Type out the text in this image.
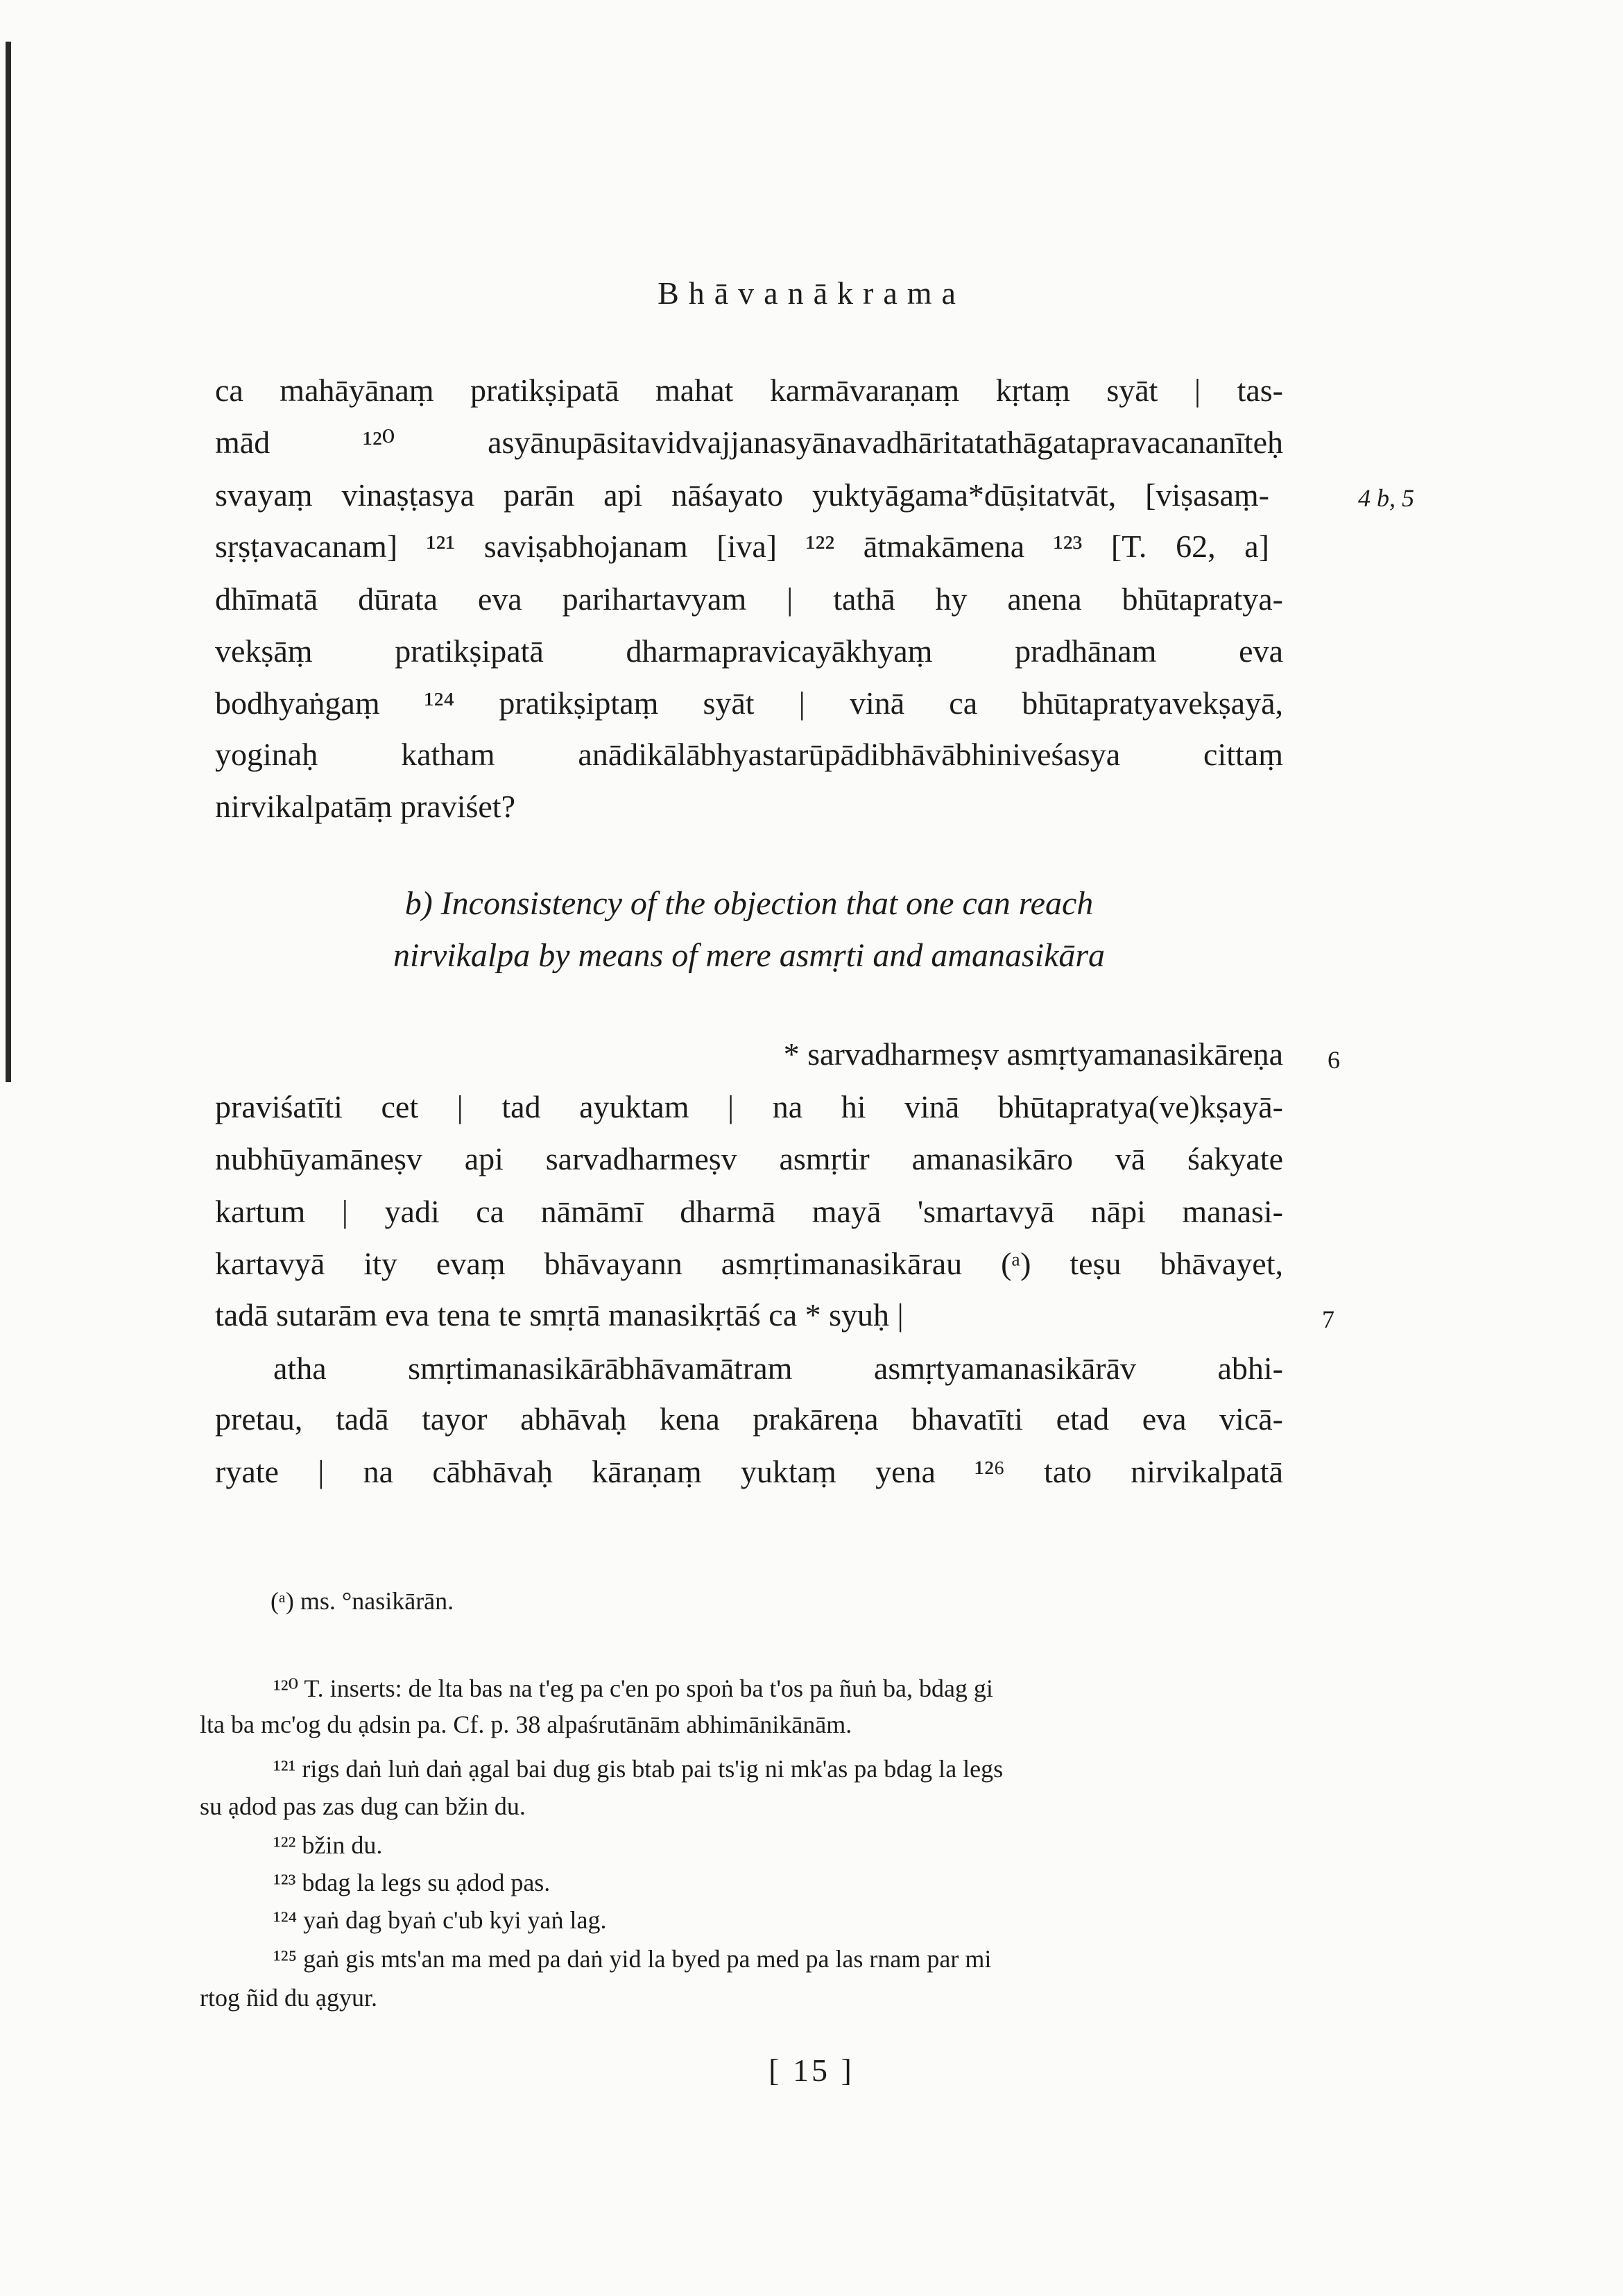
Bhāvanākrama
ca mahāyānaṃ pratikṣipatā mahat karmāvaraṇaṃ kṛtaṃ syāt | tas-
mād ¹²⁰ asyānupāsitavidvajjanasyānavadhāritatathāgatapravacananīteḥ
svayaṃ vinaṣṭasya parān api nāśayato yuktyāgama*dūṣitatvāt, [viṣasaṃ-
sṛṣṭavacanam] ¹²¹ saviṣabhojanam [iva] ¹²² ātmakāmena ¹²³ [T. 62, a]
dhīmatā dūrata eva parihartavyam | tathā hy anena bhūtapratya-
vekṣāṃ pratikṣipatā dharmapravicayākhyaṃ pradhānam eva
bodhyaṅgaṃ ¹²⁴ pratikṣiptaṃ syāt | vinā ca bhūtapratyavekṣayā,
yoginaḥ katham anādikālābhyastarūpādibhāvābhiniveśasya cittaṃ
nirvikalpatāṃ praviśet?
4 b, 5
b) Inconsistency of the objection that one can reach
nirvikalpa by means of mere asmṛti and amanasikāra
* sarvadharmeṣv asmṛtyamanasikāreṇa 6
praviśatīti cet | tad ayuktam | na hi vinā bhūtapratya(ve)kṣayā-
nubhūyamāneṣv api sarvadharmeṣv asmṛtir amanasikāro vā śakyate
kartum | yadi ca nāmāmī dharmā mayā 'smartavyā nāpi manasi-
kartavyā ity evaṃ bhāvayann asmṛtimanasikārau (ᵃ) teṣu bhāvayet,
tadā sutarām eva tena te smṛtā manasikṛtāś ca * syuḥ |	7
atha smṛtimanasikārābhāvamātram asmṛtyamanasikārāv abhi-
pretau, tadā tayor abhāvaḥ kena prakāreṇa bhavatīti etad eva vicā-
ryate | na cābhāvaḥ kāraṇaṃ yuktaṃ yena ¹²⁶ tato nirvikalpatā
(ᵃ) ms. °nasikārān.
¹²⁰ T. inserts: de lta bas na t'eg pa c'en po spoṅ ba t'os pa ñuṅ ba, bdag gi
lta ba mc'og du ạdsin pa. Cf. p. 38 alpaśrutānām abhimānikānām.
¹²¹ rigs daṅ luṅ daṅ ạgal bai dug gis btab pai ts'ig ni mk'as pa bdag la legs
su ạdod pas zas dug can bžin du.
¹²² bžin du.
¹²³ bdag la legs su ạdod pas.
¹²⁴ yaṅ dag byaṅ c'ub kyi yaṅ lag.
¹²⁵ gaṅ gis mts'an ma med pa daṅ yid la byed pa med pa las rnam par mi
rtog ñid du ạgyur.
[ 15 ]
